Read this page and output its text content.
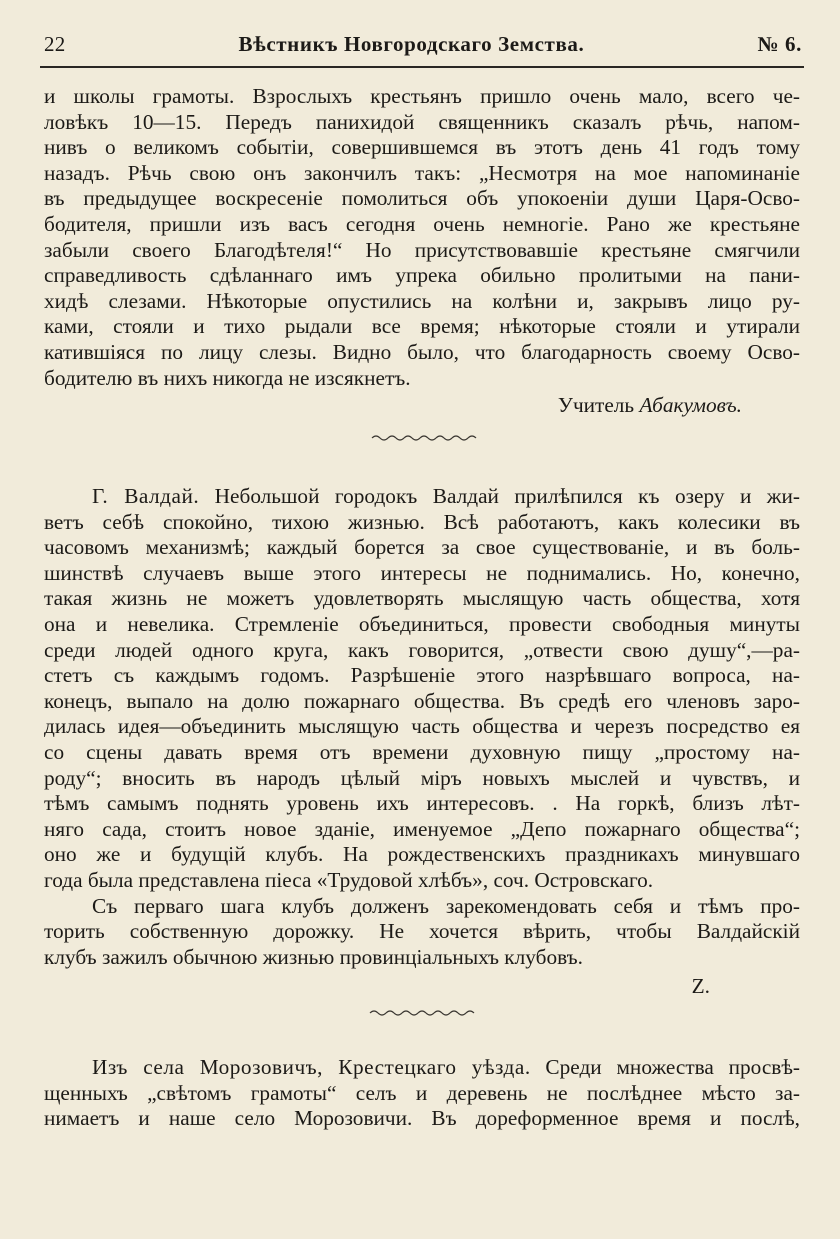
22	Вѣстникъ Новгородскаго Земства.	№ 6.
и школы грамоты. Взрослыхъ крестьянъ пришло очень мало, всего че-
ловѣкъ 10—15. Передъ панихидой священникъ сказалъ рѣчь, напом-
нивъ о великомъ событіи, совершившемся въ этотъ день 41 годъ тому
назадъ. Рѣчь свою онъ закончилъ такъ: „Несмотря на мое напоминаніе
въ предыдущее воскресеніе помолиться объ упокоеніи души Царя-Осво-
бодителя, пришли изъ васъ сегодня очень немногіе. Рано же крестьяне
забыли своего Благодѣтеля!“ Но присутствовавшіе крестьяне смягчили
справедливость сдѣланнаго имъ упрека обильно пролитыми на пани-
хидѣ слезами. Нѣкоторые опустились на колѣни и, закрывъ лицо ру-
ками, стояли и тихо рыдали все время; нѣкоторые стояли и утирали
катившіяся по лицу слезы. Видно было, что благодарность своему Осво-
бодителю въ нихъ никогда не изсякнетъ.
Учитель Абакумовъ.
Г. Валдай. Небольшой городокъ Валдай прилѣпился къ озеру и жи-
ветъ себѣ спокойно, тихою жизнью. Всѣ работаютъ, какъ колесики въ
часовомъ механизмѣ; каждый борется за свое существованіе, и въ боль-
шинствѣ случаевъ выше этого интересы не поднимались. Но, конечно,
такая жизнь не можетъ удовлетворять мыслящую часть общества, хотя
она и невелика. Стремленіе объединиться, провести свободныя минуты
среди людей одного круга, какъ говорится, „отвести свою душу“,—ра-
стетъ съ каждымъ годомъ. Разрѣшеніе этого назрѣвшаго вопроса, на-
конецъ, выпало на долю пожарнаго общества. Въ средѣ его членовъ заро-
дилась идея—объединить мыслящую часть общества и черезъ посредство ея
со сцены давать время отъ времени духовную пищу „простому на-
роду“; вносить въ народъ цѣлый міръ новыхъ мыслей и чувствъ, и
тѣмъ самымъ поднять уровень ихъ интересовъ. . На горкѣ, близъ лѣт-
няго сада, стоитъ новое зданіе, именуемое „Депо пожарнаго общества“;
оно же и будущій клубъ. На рождественскихъ праздникахъ минувшаго
года была представлена піеса «Трудовой хлѣбъ», соч. Островскаго.
Съ перваго шага клубъ долженъ зарекомендовать себя и тѣмъ про-
торить собственную дорожку. Не хочется вѣрить, чтобы Валдайскій
клубъ зажилъ обычною жизнью провинціальныхъ клубовъ.
Z.
Изъ села Морозовичъ, Крестецкаго уѣзда. Среди множества просвѣ-
щенныхъ „свѣтомъ грамоты“ селъ и деревень не послѣднее мѣсто за-
нимаетъ и наше село Морозовичи. Въ дореформенное время и послѣ,
